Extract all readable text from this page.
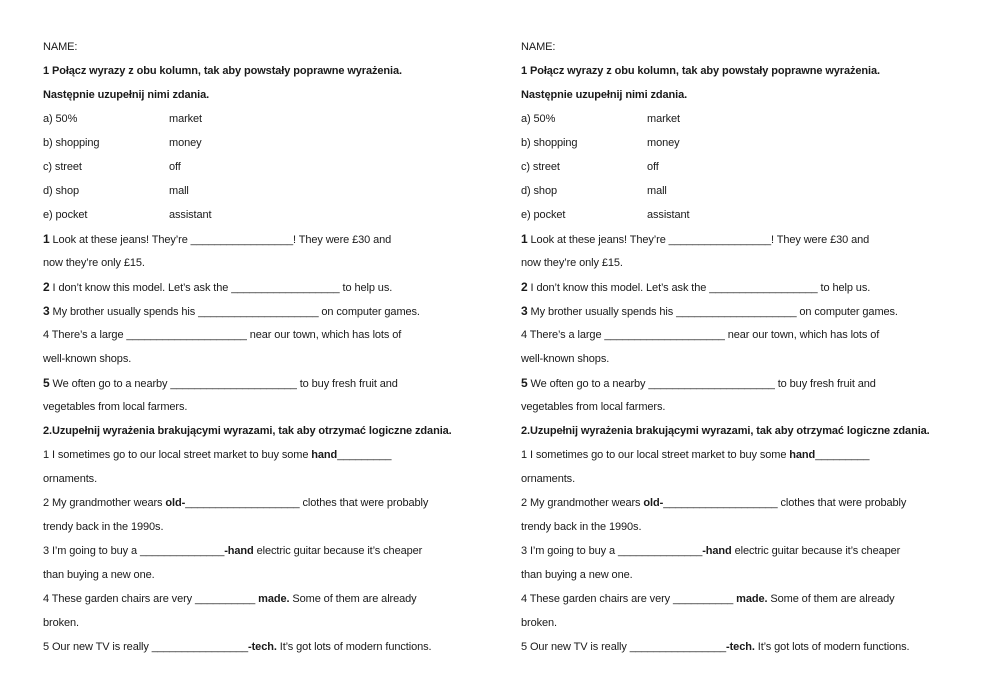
NAME:
1 Połącz wyrazy z obu kolumn, tak aby powstały poprawne wyrażenia.
Następnie uzupełnij nimi zdania.
a) 50%	market
b) shopping	money
c) street	off
d) shop	mall
e) pocket	assistant
1 Look at these jeans! They’re _________________! They were £30 and
now they’re only £15.
2 I don’t know this model. Let’s ask the __________________ to help us.
3 My brother usually spends his ____________________ on computer games.
4 There’s a large ____________________ near our town, which has lots of
well-known shops.
5 We often go to a nearby _____________________ to buy fresh fruit and
vegetables from local farmers.
2.Uzupełnij wyrażenia brakującymi wyrazami, tak aby otrzymać logiczne zdania.
1 I sometimes go to our local street market to buy some hand_________
ornaments.
2 My grandmother wears old-___________________ clothes that were probably
trendy back in the 1990s.
3 I’m going to buy a ______________-hand electric guitar because it’s cheaper
than buying a new one.
4 These garden chairs are very __________ made. Some of them are already
broken.
5 Our new TV is really ________________-tech. It’s got lots of modern functions.
NAME:
1 Połącz wyrazy z obu kolumn, tak aby powstały poprawne wyrażenia.
Następnie uzupełnij nimi zdania.
a) 50%	market
b) shopping	money
c) street	off
d) shop	mall
e) pocket	assistant
1 Look at these jeans! They’re _________________! They were £30 and
now they’re only £15.
2 I don’t know this model. Let’s ask the __________________ to help us.
3 My brother usually spends his ____________________ on computer games.
4 There’s a large ____________________ near our town, which has lots of
well-known shops.
5 We often go to a nearby _____________________ to buy fresh fruit and
vegetables from local farmers.
2.Uzupełnij wyrażenia brakującymi wyrazami, tak aby otrzymać logiczne zdania.
1 I sometimes go to our local street market to buy some hand_________
ornaments.
2 My grandmother wears old-___________________ clothes that were probably
trendy back in the 1990s.
3 I’m going to buy a ______________-hand electric guitar because it’s cheaper
than buying a new one.
4 These garden chairs are very __________ made. Some of them are already
broken.
5 Our new TV is really ________________-tech. It’s got lots of modern functions.
